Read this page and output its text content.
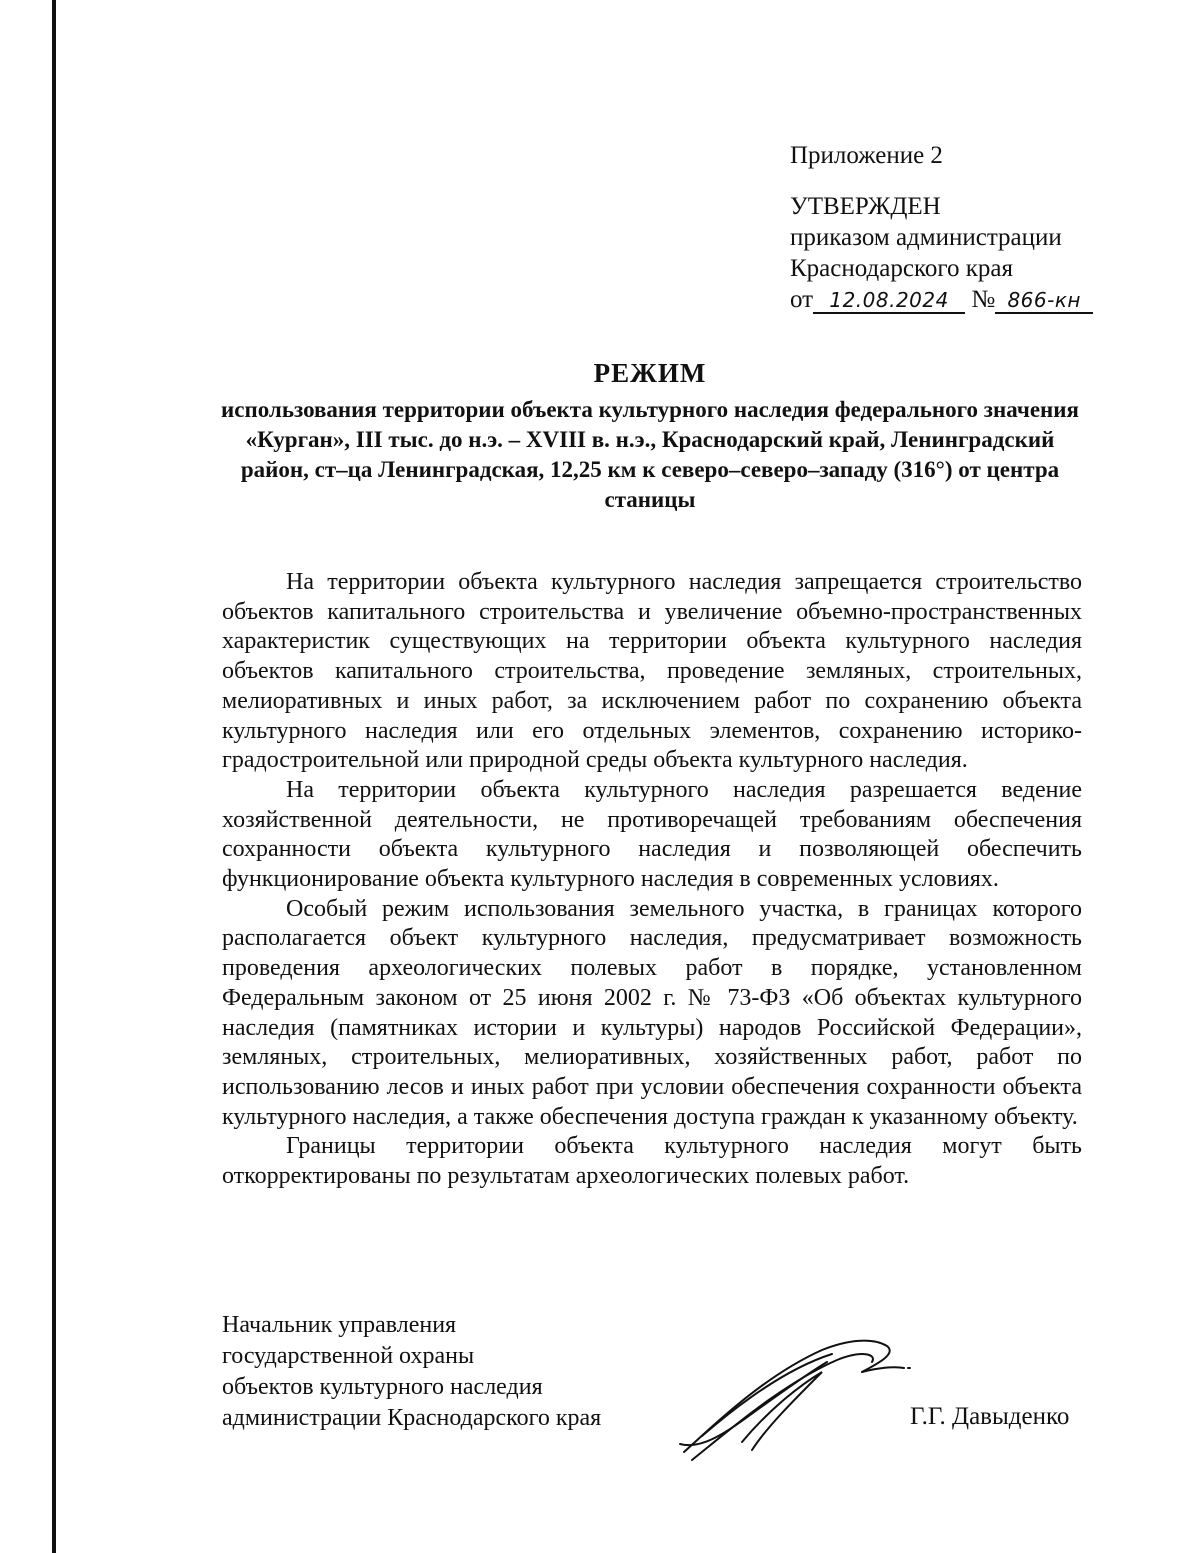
Приложение 2
УТВЕРЖДЕН
приказом администрации
Краснодарского края
от 12.08.2024 № 866-кн
РЕЖИМ
использования территории объекта культурного наследия федерального значения «Курган», III тыс. до н.э. – XVIII в. н.э., Краснодарский край, Ленинградский район, ст–ца Ленинградская, 12,25 км к северо–северо–западу (316°) от центра станицы

На территории объекта культурного наследия запрещается строительство объектов капитального строительства и увеличение объемно-пространственных характеристик существующих на территории объекта культурного наследия объектов капитального строительства, проведение земляных, строительных, мелиоративных и иных работ, за исключением работ по сохранению объекта культурного наследия или его отдельных элементов, сохранению историко-градостроительной или природной среды объекта культурного наследия.

На территории объекта культурного наследия разрешается ведение хозяйственной деятельности, не противоречащей требованиям обеспечения сохранности объекта культурного наследия и позволяющей обеспечить функционирование объекта культурного наследия в современных условиях.

Особый режим использования земельного участка, в границах которого располагается объект культурного наследия, предусматривает возможность проведения археологических полевых работ в порядке, установленном Федеральным законом от 25 июня 2002 г. № 73-ФЗ «Об объектах культурного наследия (памятниках истории и культуры) народов Российской Федерации», земляных, строительных, мелиоративных, хозяйственных работ, работ по использованию лесов и иных работ при условии обеспечения сохранности объекта культурного наследия, а также обеспечения доступа граждан к указанному объекту.

Границы территории объекта культурного наследия могут быть откорректированы по результатам археологических полевых работ.

Начальник управления
государственной охраны
объектов культурного наследия
администрации Краснодарского края	Г.Г. Давыденко
